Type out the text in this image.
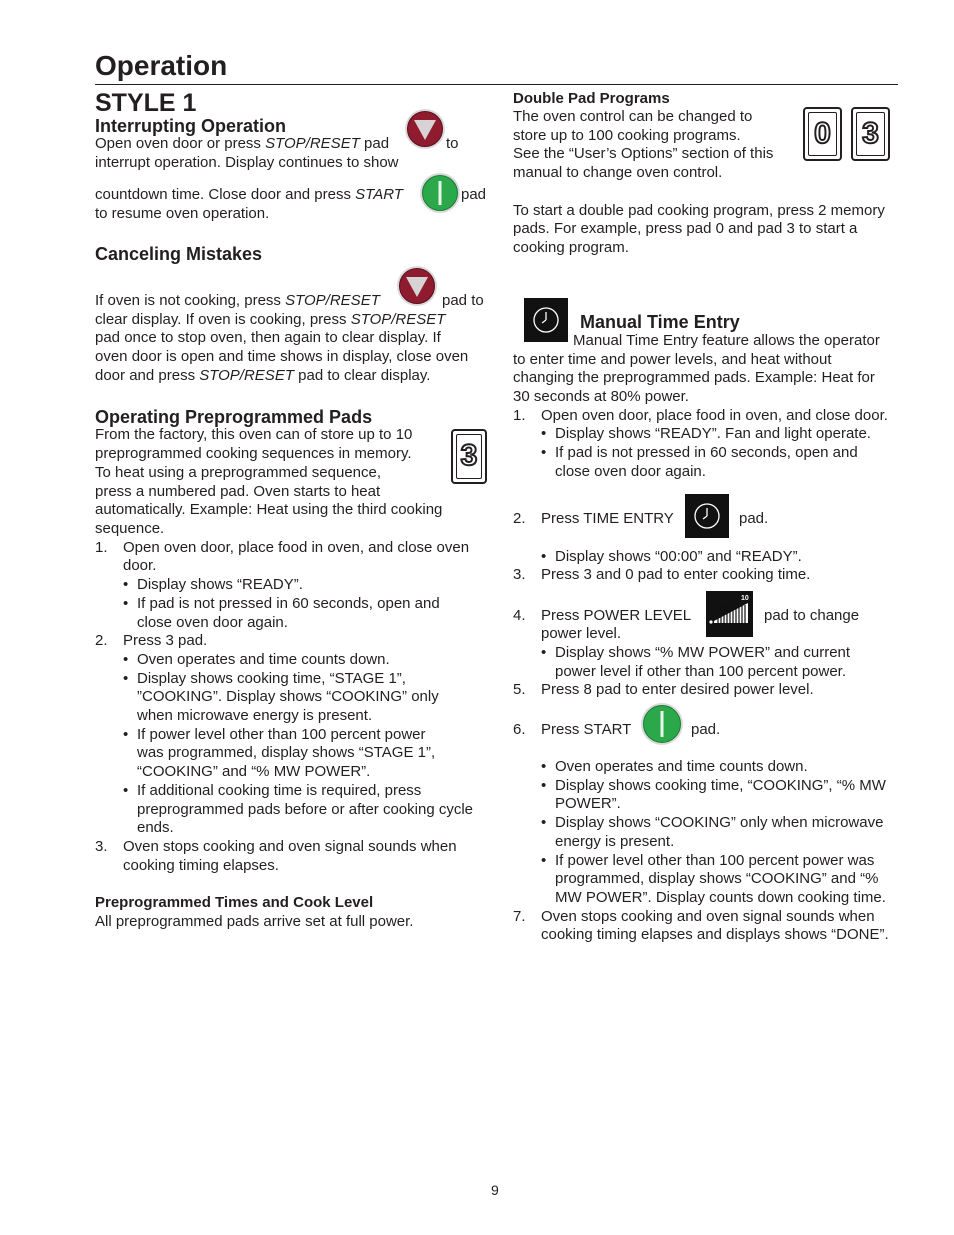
Operation
STYLE 1
Interrupting Operation
Open oven door or press STOP/RESET pad	to
interrupt operation. Display continues to show
countdown time. Close door and press START	pad
to resume oven operation.
Canceling Mistakes
If oven is not cooking, press STOP/RESET	pad to
clear display. If oven is cooking, press STOP/RESET
pad once to stop oven, then again to clear display. If
oven door is open and time shows in display, close oven
door and press STOP/RESET pad to clear display.
Operating Preprogrammed Pads
From the factory, this oven can of store up to 10
preprogrammed cooking sequences in memory.
To heat using a preprogrammed sequence,
press a numbered pad. Oven starts to heat
automatically. Example: Heat using the third cooking
sequence.
3
1. Open oven door, place food in oven, and close oven
door.
• Display shows “READY”.
• If pad is not pressed in 60 seconds, open and
close oven door again.
2. Press 3 pad.
• Oven operates and time counts down.
• Display shows cooking time, “STAGE 1”,
”COOKING”. Display shows “COOKING” only
when microwave energy is present.
• If power level other than 100 percent power
was programmed, display shows “STAGE 1”,
“COOKING” and “% MW POWER”.
• If additional cooking time is required, press
preprogrammed pads before or after cooking cycle
ends.
3. Oven stops cooking and oven signal sounds when
cooking timing elapses.
Preprogrammed Times and Cook Level
All preprogrammed pads arrive set at full power.
Double Pad Programs
The oven control can be changed to
store up to 100 cooking programs.
See the “User’s Options” section of this
manual to change oven control.
0 3
To start a double pad cooking program, press 2 memory
pads. For example, press pad 0 and pad 3 to start a
cooking program.
Manual Time Entry
Manual Time Entry feature allows the operator
to enter time and power levels, and heat without
changing the preprogrammed pads. Example: Heat for
30 seconds at 80% power.
1. Open oven door, place food in oven, and close door.
• Display shows “READY”. Fan and light operate.
• If pad is not pressed in 60 seconds, open and
close oven door again.
2. Press TIME ENTRY	pad.
• Display shows “00:00” and “READY”.
3. Press 3 and 0 pad to enter cooking time.
4. Press POWER LEVEL
10
pad to change
power level.
• Display shows “% MW POWER” and current
power level if other than 100 percent power.
5. Press 8 pad to enter desired power level.
6. Press START	pad.
• Oven operates and time counts down.
• Display shows cooking time, “COOKING”, “% MW
POWER”.
• Display shows “COOKING” only when microwave
energy is present.
• If power level other than 100 percent power was
programmed, display shows “COOKING” and “%
MW POWER”. Display counts down cooking time.
7. Oven stops cooking and oven signal sounds when
cooking timing elapses and displays shows “DONE”.
9
